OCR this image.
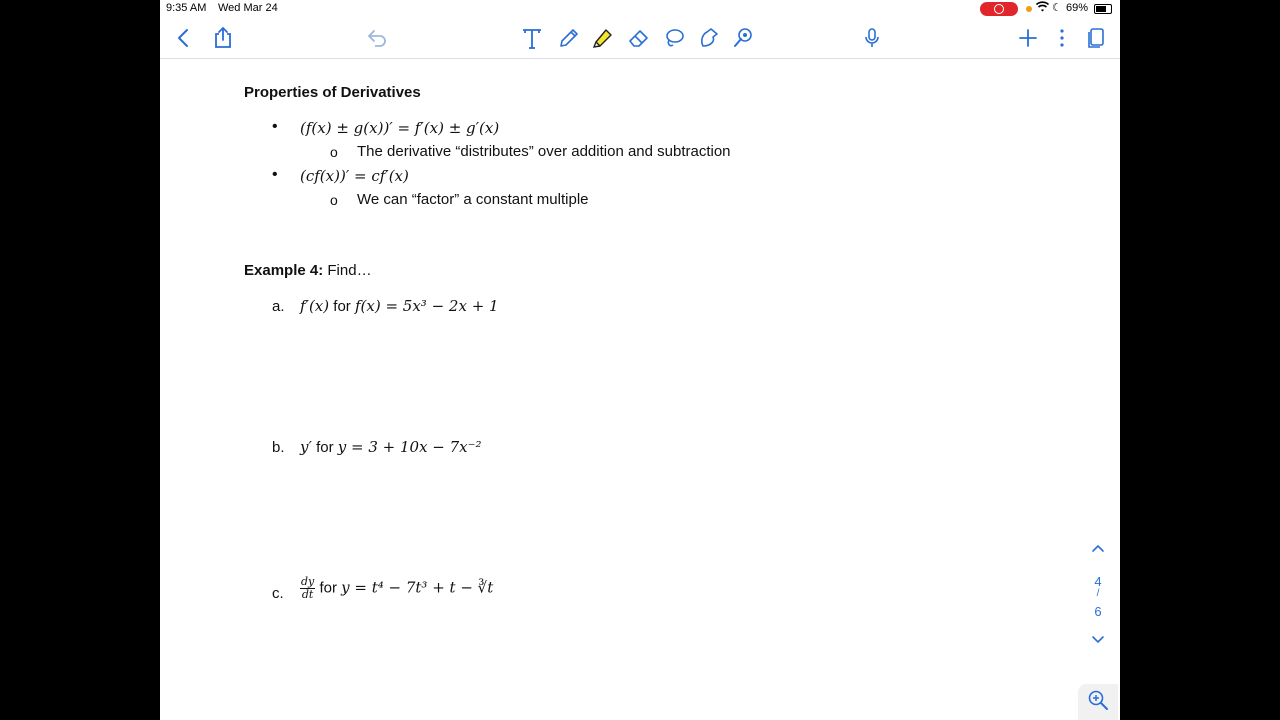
9:35 AM Wed Mar 24	☾ 69%
Properties of Derivatives
• (f(x) ± g(x))′ = f′(x) ± g′(x)
o The derivative “distributes” over addition and subtraction
• (cf(x))′ = cf′(x)
o We can “factor” a constant multiple
Example 4: Find…
a. f′(x) for f(x) = 5x³ − 2x + 1
b. y′ for y = 3 + 10x − 7x⁻²
c. $\frac{dy}{dt}$ for y = t⁴ − 7t³ + t − ∛t	4
/
6
